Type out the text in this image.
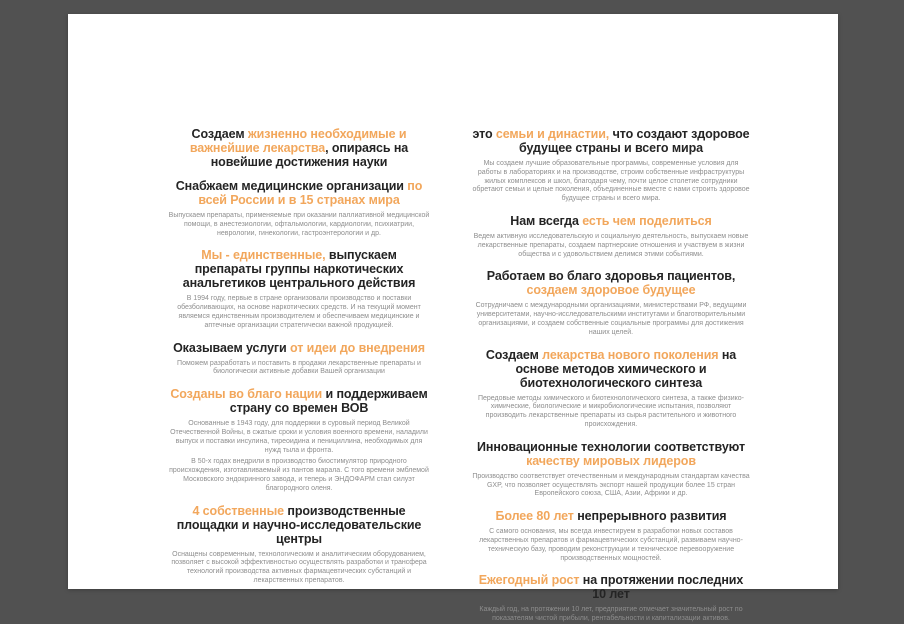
Создаем жизненно необходимые и важнейшие лекарства, опираясь на новейшие достижения науки
Снабжаем медицинские организации по всей России и в 15 странах мира

Выпускаем препараты, применяемые при оказании паллиативной медицинской помощи, в анестезиологии, офтальмологии, кардиологии, психиатрии, неврологии, гинекологии, гастроэнтерологии и др.

Мы - единственные, выпускаем препараты группы наркотических анальгетиков центрального действия

В 1994 году, первые в стране организовали производство и поставки обезболивающих, на основе наркотических средств. И на текущий момент являемся единственным производителем и обеспечиваем медицинские и аптечные организации стратегически важной продукцией.

Оказываем услуги от идеи до внедрения

Поможем разработать и поставить в продажи лекарственные препараты и биологически активные добавки Вашей организации

Созданы во благо нации и поддерживаем страну со времен ВОВ

Основанные в 1943 году, для поддержки в суровый период Великой Отечественной Войны, в сжатые сроки и условия военного времени, наладили выпуск и поставки инсулина, тиреоидина и пенициллина, необходимых для нужд тыла и фронта.

В 50-х годах внедрили в производство биостимулятор природного происхождения, изготавливаемый из пантов марала. С того времени эмблемой Московского эндокринного завода, и теперь и ЭНДОФАРМ стал силуэт благородного оленя.

4 собственные производственные площадки и научно-исследовательские центры

Оснащены современным, технологическим и аналитическим оборудованием, позволяет с высокой эффективностью осуществлять разработки и трансфера технологий производства активных фармацевтических субстанций и лекарственных препаратов.

это семьи и династии, что создают здоровое будущее страны и всего мира

Мы создаем лучшие образовательные программы, современные условия для работы в лабораториях и на производстве, строим собственные инфраструктуры жилых комплексов и школ, благодаря чему, почти целое столетие сотрудники обретают семьи и целые поколения, объединенные вместе с нами строить здоровое будущее страны и всего мира.

Нам всегда есть чем поделиться

Ведем активную исследовательскую и социальную деятельность, выпускаем новые лекарственные препараты, создаем партнерские отношения и участвуем в жизни общества и с удовольствием делимся этими событиями.

Работаем во благо здоровья пациентов, создаем здоровое будущее

Сотрудничаем с международными организациями, министерствами РФ, ведущими университетами, научно-исследовательскими институтами и благотворительными организациями, и создаем собственные социальные программы для достижения наших целей.

Создаем лекарства нового поколения на основе методов химического и биотехнологического синтеза

Передовые методы химического и биотехнологического синтеза, а также физико-химические, биологические и микробиологические испытания, позволяют производить лекарственные препараты из сырья растительного и животного происхождения.

Инновационные технологии соответствуют качеству мировых лидеров

Производство соответствует отечественным и международным стандартам качества GXP, что позволяет осуществлять экспорт нашей продукции более 15 стран Европейского союза, США, Азии, Африки и др.

Более 80 лет непрерывного развития

С самого основания, мы всегда инвестируем в разработки новых составов лекарственных препаратов и фармацевтических субстанций, развиваем научно-техническую базу, проводим реконструкции и техническое перевооружение производственных мощностей.

Ежегодный рост на протяжении последних 10 лет

Каждый год, на протяжении 10 лет, предприятие отмечает значительный рост по показателям чистой прибыли, рентабельности и капитализации активов.
